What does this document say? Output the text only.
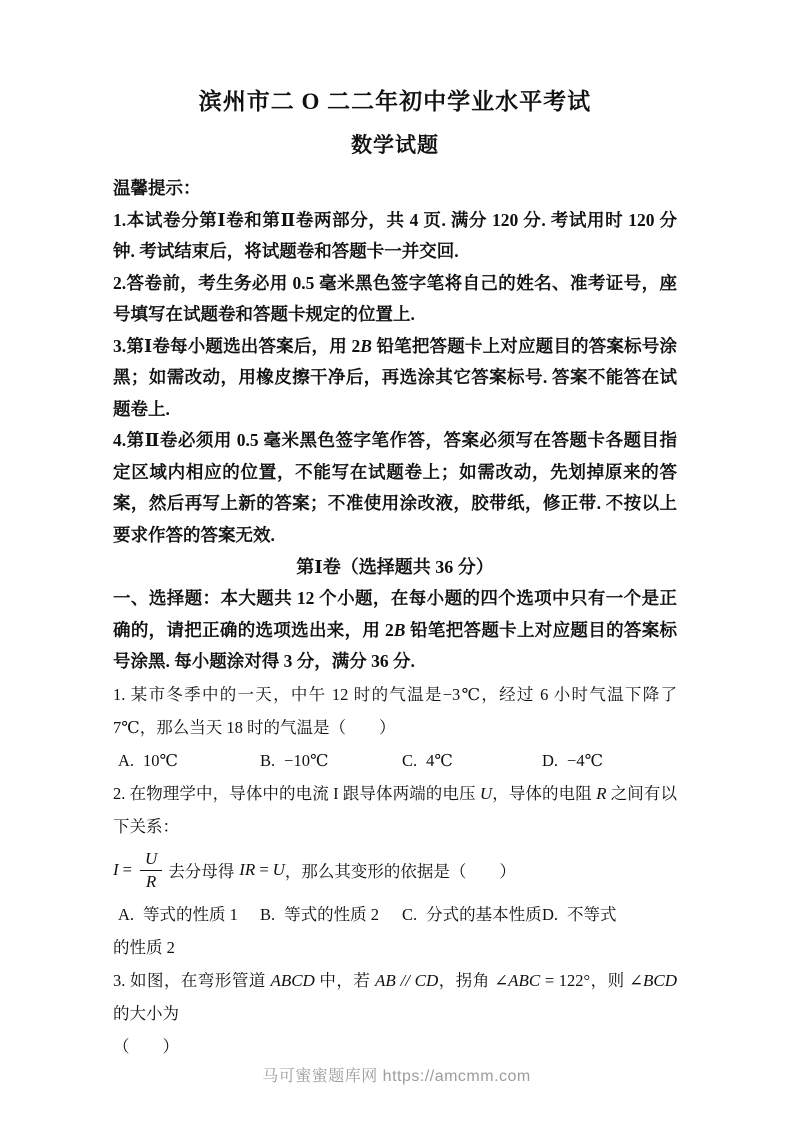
滨州市二 O 二二年初中学业水平考试
数学试题

温馨提示：

1.本试卷分第Ⅰ卷和第Ⅱ卷两部分，共 4 页. 满分 120 分. 考试用时 120 分钟. 考试结束后，将试题卷和答题卡一并交回.

2.答卷前，考生务必用 0.5 毫米黑色签字笔将自己的姓名、准考证号，座号填写在试题卷和答题卡规定的位置上.

3.第Ⅰ卷每小题选出答案后，用 2B 铅笔把答题卡上对应题目的答案标号涂黑；如需改动，用橡皮擦干净后，再选涂其它答案标号. 答案不能答在试题卷上.

4.第Ⅱ卷必须用 0.5 毫米黑色签字笔作答，答案必须写在答题卡各题目指定区域内相应的位置，不能写在试题卷上；如需改动，先划掉原来的答案，然后再写上新的答案；不准使用涂改液，胶带纸，修正带. 不按以上要求作答的答案无效.

第Ⅰ卷（选择题共 36 分）

一、选择题：本大题共 12 个小题，在每小题的四个选项中只有一个是正确的，请把正确的选项选出来，用 2B 铅笔把答题卡上对应题目的答案标号涂黑. 每小题涂对得 3 分，满分 36 分.

1. 某市冬季中的一天，中午 12 时的气温是−3℃，经过 6 小时气温下降了 7℃，那么当天 18 时的气温是（　　）

A. 10℃	B. −10℃	C. 4℃	D. −4℃

2. 在物理学中，导体中的电流 I 跟导体两端的电压 U，导体的电阻 R 之间有以下关系：

$I = \frac{U}{R}$ 去分母得 IR = U ，那么其变形的依据是（　　）
A. 等式的性质 1	B. 等式的性质 2	C. 分式的基本性质 D. 不等式

的性质 2

3. 如图，在弯形管道 ABCD 中，若 AB // CD，拐角 ∠ABC = 122°，则 ∠BCD 的大小为

（　　）

马可蜜蜜题库网 https://amcmm.com
